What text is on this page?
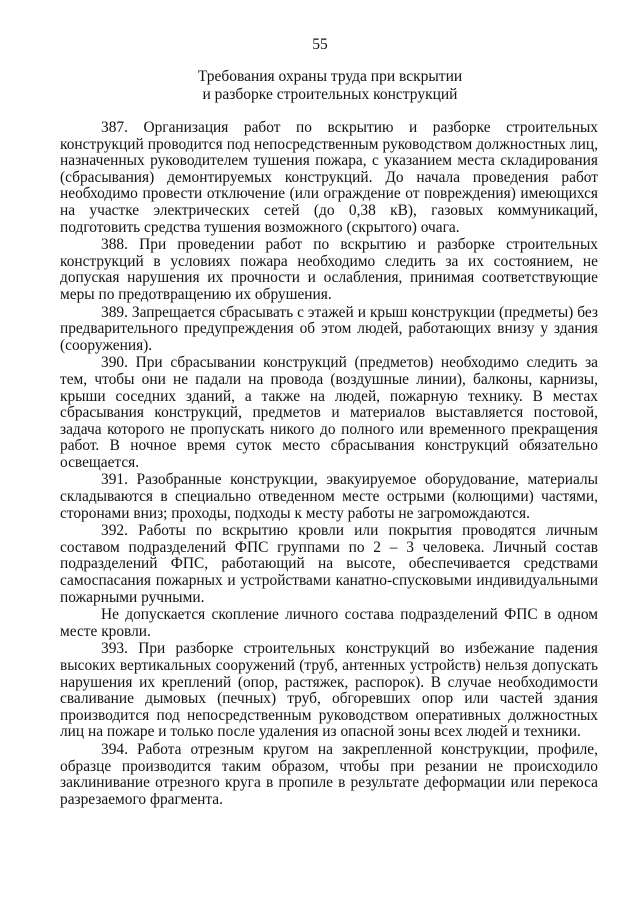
55
Требования охраны труда при вскрытии
и разборке строительных конструкций

387. Организация работ по вскрытию и разборке строительных конструкций проводится под непосредственным руководством должностных лиц, назначенных руководителем тушения пожара, с указанием места складирования (сбрасывания) демонтируемых конструкций. До начала проведения работ необходимо провести отключение (или ограждение от повреждения) имеющихся на участке электрических сетей (до 0,38 кВ), газовых коммуникаций, подготовить средства тушения возможного (скрытого) очага.

388. При проведении работ по вскрытию и разборке строительных конструкций в условиях пожара необходимо следить за их состоянием, не допуская нарушения их прочности и ослабления, принимая соответствующие меры по предотвращению их обрушения.

389. Запрещается сбрасывать с этажей и крыш конструкции (предметы) без предварительного предупреждения об этом людей, работающих внизу у здания (сооружения).

390. При сбрасывании конструкций (предметов) необходимо следить за тем, чтобы они не падали на провода (воздушные линии), балконы, карнизы, крыши соседних зданий, а также на людей, пожарную технику. В местах сбрасывания конструкций, предметов и материалов выставляется постовой, задача которого не пропускать никого до полного или временного прекращения работ. В ночное время суток место сбрасывания конструкций обязательно освещается.

391. Разобранные конструкции, эвакуируемое оборудование, материалы складываются в специально отведенном месте острыми (колющими) частями, сторонами вниз; проходы, подходы к месту работы не загромождаются.

392. Работы по вскрытию кровли или покрытия проводятся личным составом подразделений ФПС группами по 2 – 3 человека. Личный состав подразделений ФПС, работающий на высоте, обеспечивается средствами самоспасания пожарных и устройствами канатно-спусковыми индивидуальными пожарными ручными.

Не допускается скопление личного состава подразделений ФПС в одном месте кровли.

393. При разборке строительных конструкций во избежание падения высоких вертикальных сооружений (труб, антенных устройств) нельзя допускать нарушения их креплений (опор, растяжек, распорок). В случае необходимости сваливание дымовых (печных) труб, обгоревших опор или частей здания производится под непосредственным руководством оперативных должностных лиц на пожаре и только после удаления из опасной зоны всех людей и техники.

394. Работа отрезным кругом на закрепленной конструкции, профиле, образце производится таким образом, чтобы при резании не происходило заклинивание отрезного круга в пропиле в результате деформации или перекоса разрезаемого фрагмента.
